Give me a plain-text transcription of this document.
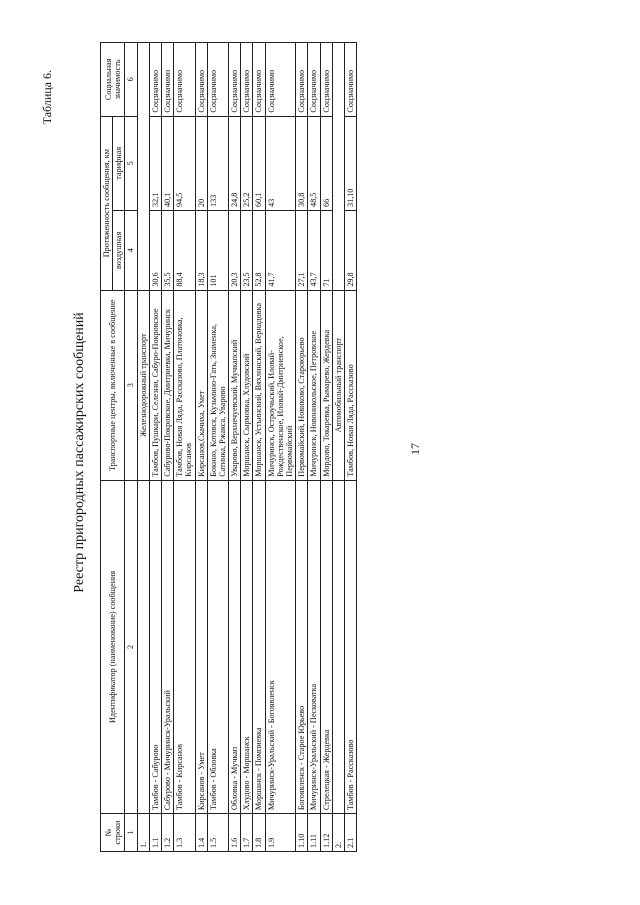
17
Таблица 6.
Реестр пригородных пассажирских сообщений
№ строки	Идентификатор (наименование) сообщения	Транспортные центры, включенные в сообщение	Протяженность сообщения, км		Социальная значимость
			воздушная	тарифная	
1	2	3	4	5	6
1.		Железнодорожный транспорт			
1.1	Тамбов - Сабурово	Тамбов, Пушкари, Селезни, Сабуро-Покровское	30,6	32,1	Соцзначимо
1.2	Сабурово - Мичуринск-Уральский	Сабурово-Покровское, Дмитриевка, Мичуринск	35,5	40,1	Соцзначимо
1.3	Тамбов - Кирсанов	Тамбов, Новая Лядa, Рассказово, Платоновка, Кирсанов	88,4	94,5	Соцзначимо
1.4	Кирсанов - Умет	Кирсанов,Скачиха, Умет	18,3	20	Соцзначимо
1.5	Тамбов - Обловка	Бокино, Котовск, Кузьмино-Гать, Знаменка, Сатинка, Ржакса, Уварово	101	133	Соцзначимо
1.6	Обловка - Мучкап	Уварово, Верхнечуевский, Мучкапский	20,3	24,8	Соцзначимо
1.7	Хлудово - Моршанск	Моршанск, Сырмовка, Хлудовский	23,5	25,2	Соцзначимо
1.8	Моршанск - Помпиевка	Моршанск, Устьинский, Вяхлинский, Вернадовка	52,8	60,1	Соцзначимо
1.9	Мичуринск-Уральский - Богоявленск	Мичуринск, Остроучьский, Иловай-Рождественское, Иловай-Дмитриевское, Первомайский	41,7	43	Соцзначимо
1.10	Богоявленск - Старое Юрьево	Первомайский, Новиково, Староюрьево	27,1	30,8	Соцзначимо
1.11	Мичуринск-Уральский - Песковатка	Мичуринск, Новоникольское, Петровское	43,7	48,5	Соцзначимо
1.12	Стрелецкая - Жердевка	Мордово, Токаревка, Рымарево, Жердевка	71	66	Соцзначимо
2.		Автомобильный транспорт			
2.1	Тамбов - Рассказово	Тамбов, Новая Ляда, Рассказово	29,8	31,10	Соцзначимо
